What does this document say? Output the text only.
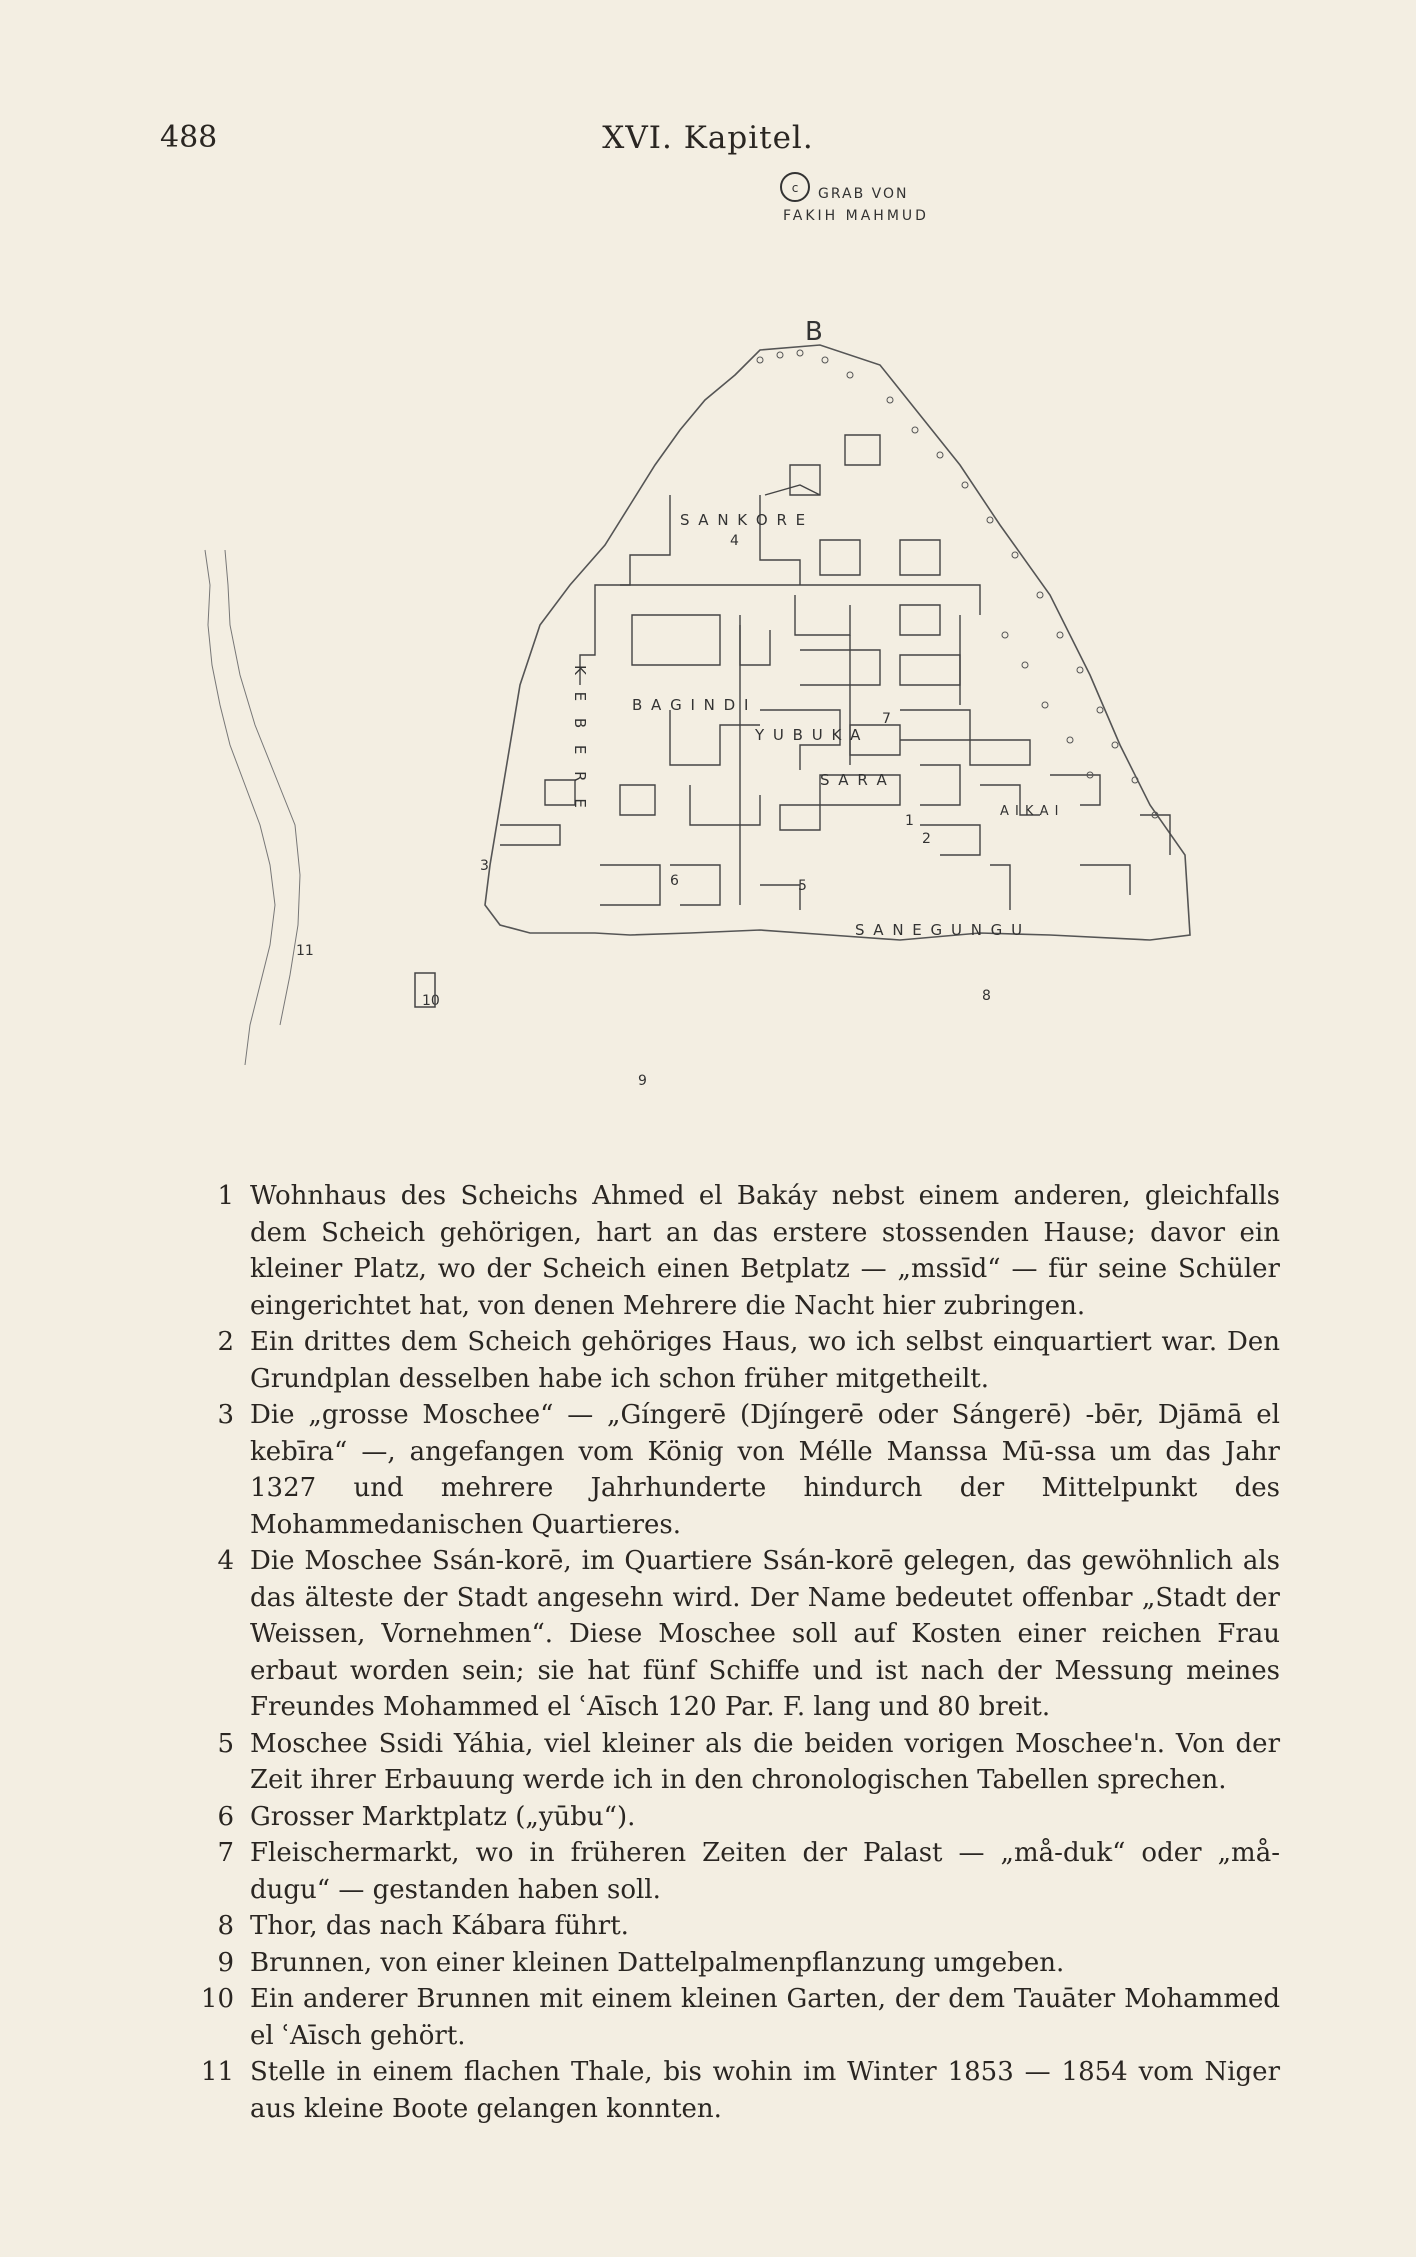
488	XVI. Kapitel.
c GRAB VON
FAKIH MAHMUD
B
S A N K O R E
B A G I N D I
Y U B U K A
S A R A
S A N E G U N G U
A I K A I
K E B E R E
1
2
3
4
5
6
7
8
9
10
11
1 Wohnhaus des Scheichs Ahmed el Bakáy nebst einem anderen, gleichfalls dem Scheich gehörigen, hart an das erstere stossenden Hause; davor ein kleiner Platz, wo der Scheich einen Betplatz — „mssīd“ — für seine Schüler eingerichtet hat, von denen Mehrere die Nacht hier zubringen.
2 Ein drittes dem Scheich gehöriges Haus, wo ich selbst einquartiert war. Den Grundplan desselben habe ich schon früher mitgetheilt.
3 Die „grosse Moschee“ — „Gíngerē (Djíngerē oder Sángerē) -bēr, Djāmā el kebīra“ —, angefangen vom König von Mélle Manssa Mū-ssa um das Jahr 1327 und mehrere Jahrhunderte hindurch der Mittelpunkt des Mohammedanischen Quartieres.
4 Die Moschee Ssán-korē, im Quartiere Ssán-korē gelegen, das gewöhnlich als das älteste der Stadt angesehn wird. Der Name bedeutet offenbar „Stadt der Weissen, Vornehmen“. Diese Moschee soll auf Kosten einer reichen Frau erbaut worden sein; sie hat fünf Schiffe und ist nach der Messung meines Freundes Mohammed el ʿAīsch 120 Par. F. lang und 80 breit.
5 Moschee Ssidi Yáhia, viel kleiner als die beiden vorigen Moschee'n. Von der Zeit ihrer Erbauung werde ich in den chronologischen Tabellen sprechen.
6 Grosser Marktplatz („yūbu“).
7 Fleischermarkt, wo in früheren Zeiten der Palast — „må-duk“ oder „må-dugu“ — gestanden haben soll.
8 Thor, das nach Kábara führt.
9 Brunnen, von einer kleinen Dattelpalmenpflanzung umgeben.
10 Ein anderer Brunnen mit einem kleinen Garten, der dem Tauāter Mohammed el ʿAīsch gehört.
11 Stelle in einem flachen Thale, bis wohin im Winter 1853 — 1854 vom Niger aus kleine Boote gelangen konnten.
